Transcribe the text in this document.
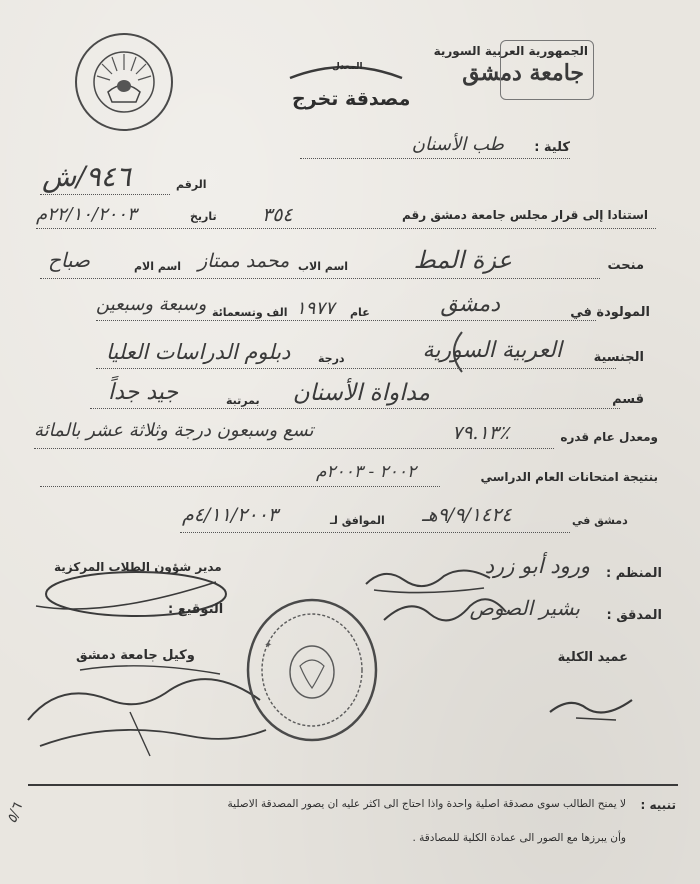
الجمهورية العربية السورية
جامعة دمشق
المعدل
مصدقة تخرج
كلية :
طب الأسنان
الرقم
٩٤٦/ش
استنادا إلى قرار مجلس جامعة دمشق رقم
٣٥٤
تاريخ
٢٢/١٠/٢٠٠٣م
منحت
عزة المط
اسم الاب
محمد ممتاز
اسم الام
صباح
المولودة في
دمشق
عام
١٩٧٧
الف وتسعمائة
وسبعة وسبعين
الجنسية
العربية السورية
درجة
دبلوم الدراسات العليا
قسم
مداواة الأسنان
بمرتبة
جيد جداً
ومعدل عام قدره
٧٩.١٣٪
تسع وسبعون درجة وثلاثة عشر بالمائة
بنتيجة امتحانات العام الدراسي
٢٠٠٢ - ٢٠٠٣م
دمشق في
٩/٩/١٤٢٤هـ
الموافق لـ
٤/١١/٢٠٠٣م
المنظم :
ورود أبو زرد
المدقق :
بشير الصوص
عميد الكلية
مدير شؤون الطلاب المركزية
التوقيع :
وكيل جامعة دمشق
✦
تنبيه :
لا يمنح الطالب سوى مصدقة اصلية واحدة واذا احتاج الى اكثر عليه ان يصور المصدقة الاصلية
وأن يبرزها مع الصور الى عمادة الكلية للمصادقة .
٥/٦
